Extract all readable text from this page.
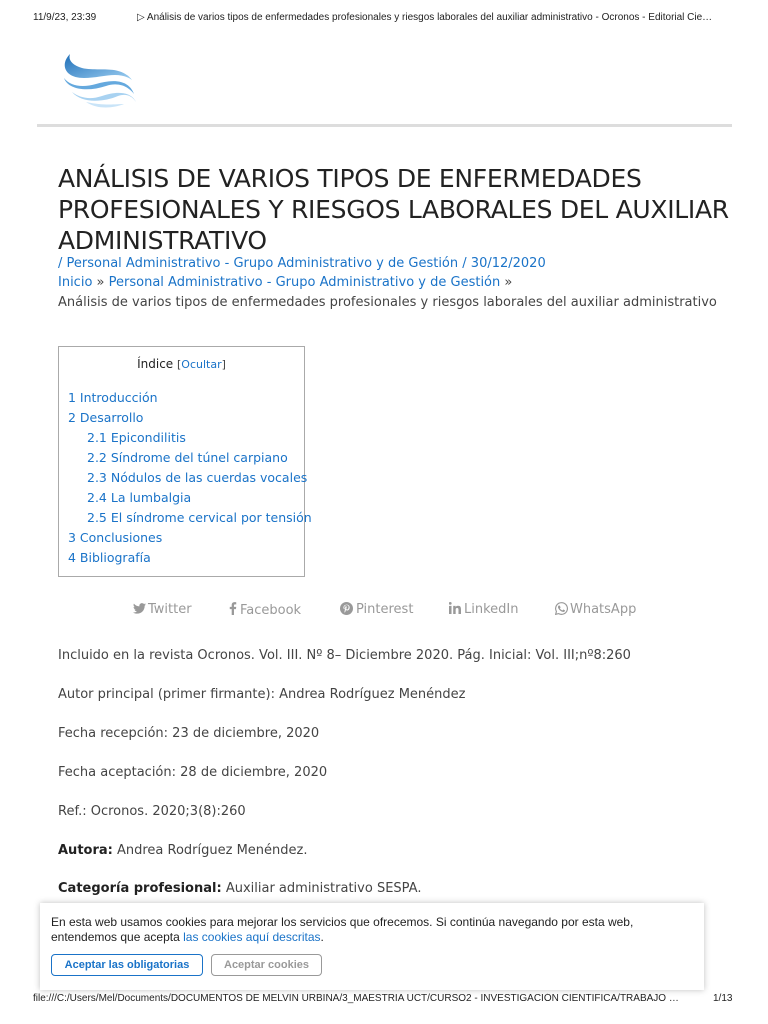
11/9/23, 23:39	▷ Análisis de varios tipos de enfermedades profesionales y riesgos laborales del auxiliar administrativo - Ocronos - Editorial Cie…
ANÁLISIS DE VARIOS TIPOS DE ENFERMEDADES PROFESIONALES Y RIESGOS LABORALES DEL AUXILIAR ADMINISTRATIVO
/ Personal Administrativo - Grupo Administrativo y de Gestión / 30/12/2020
Inicio » Personal Administrativo - Grupo Administrativo y de Gestión »
Análisis de varios tipos de enfermedades profesionales y riesgos laborales del auxiliar administrativo
Índice [Ocultar]
1 Introducción
2 Desarrollo
2.1 Epicondilitis
2.2 Síndrome del túnel carpiano
2.3 Nódulos de las cuerdas vocales
2.4 La lumbalgia
2.5 El síndrome cervical por tensión
3 Conclusiones
4 Bibliografía
Twitter	Facebook	Pinterest	LinkedIn	WhatsApp

Incluido en la revista Ocronos. Vol. III. Nº 8– Diciembre 2020. Pág. Inicial: Vol. III;nº8:260

Autor principal (primer firmante): Andrea Rodríguez Menéndez

Fecha recepción: 23 de diciembre, 2020

Fecha aceptación: 28 de diciembre, 2020

Ref.: Ocronos. 2020;3(8):260

Autora: Andrea Rodríguez Menéndez.

Categoría profesional: Auxiliar administrativo SESPA.

En esta web usamos cookies para mejorar los servicios que ofrecemos. Si continúa navegando por esta web, entendemos que acepta las cookies aquí descritas.
Aceptar las obligatorias	Aceptar cookies
file:///C:/Users/Mel/Documents/DOCUMENTOS DE MELVIN URBINA/3_MAESTRIA UCT/CURSO2 - INVESTIGACIÓN CIENTIFICA/TRABAJO …	1/13
